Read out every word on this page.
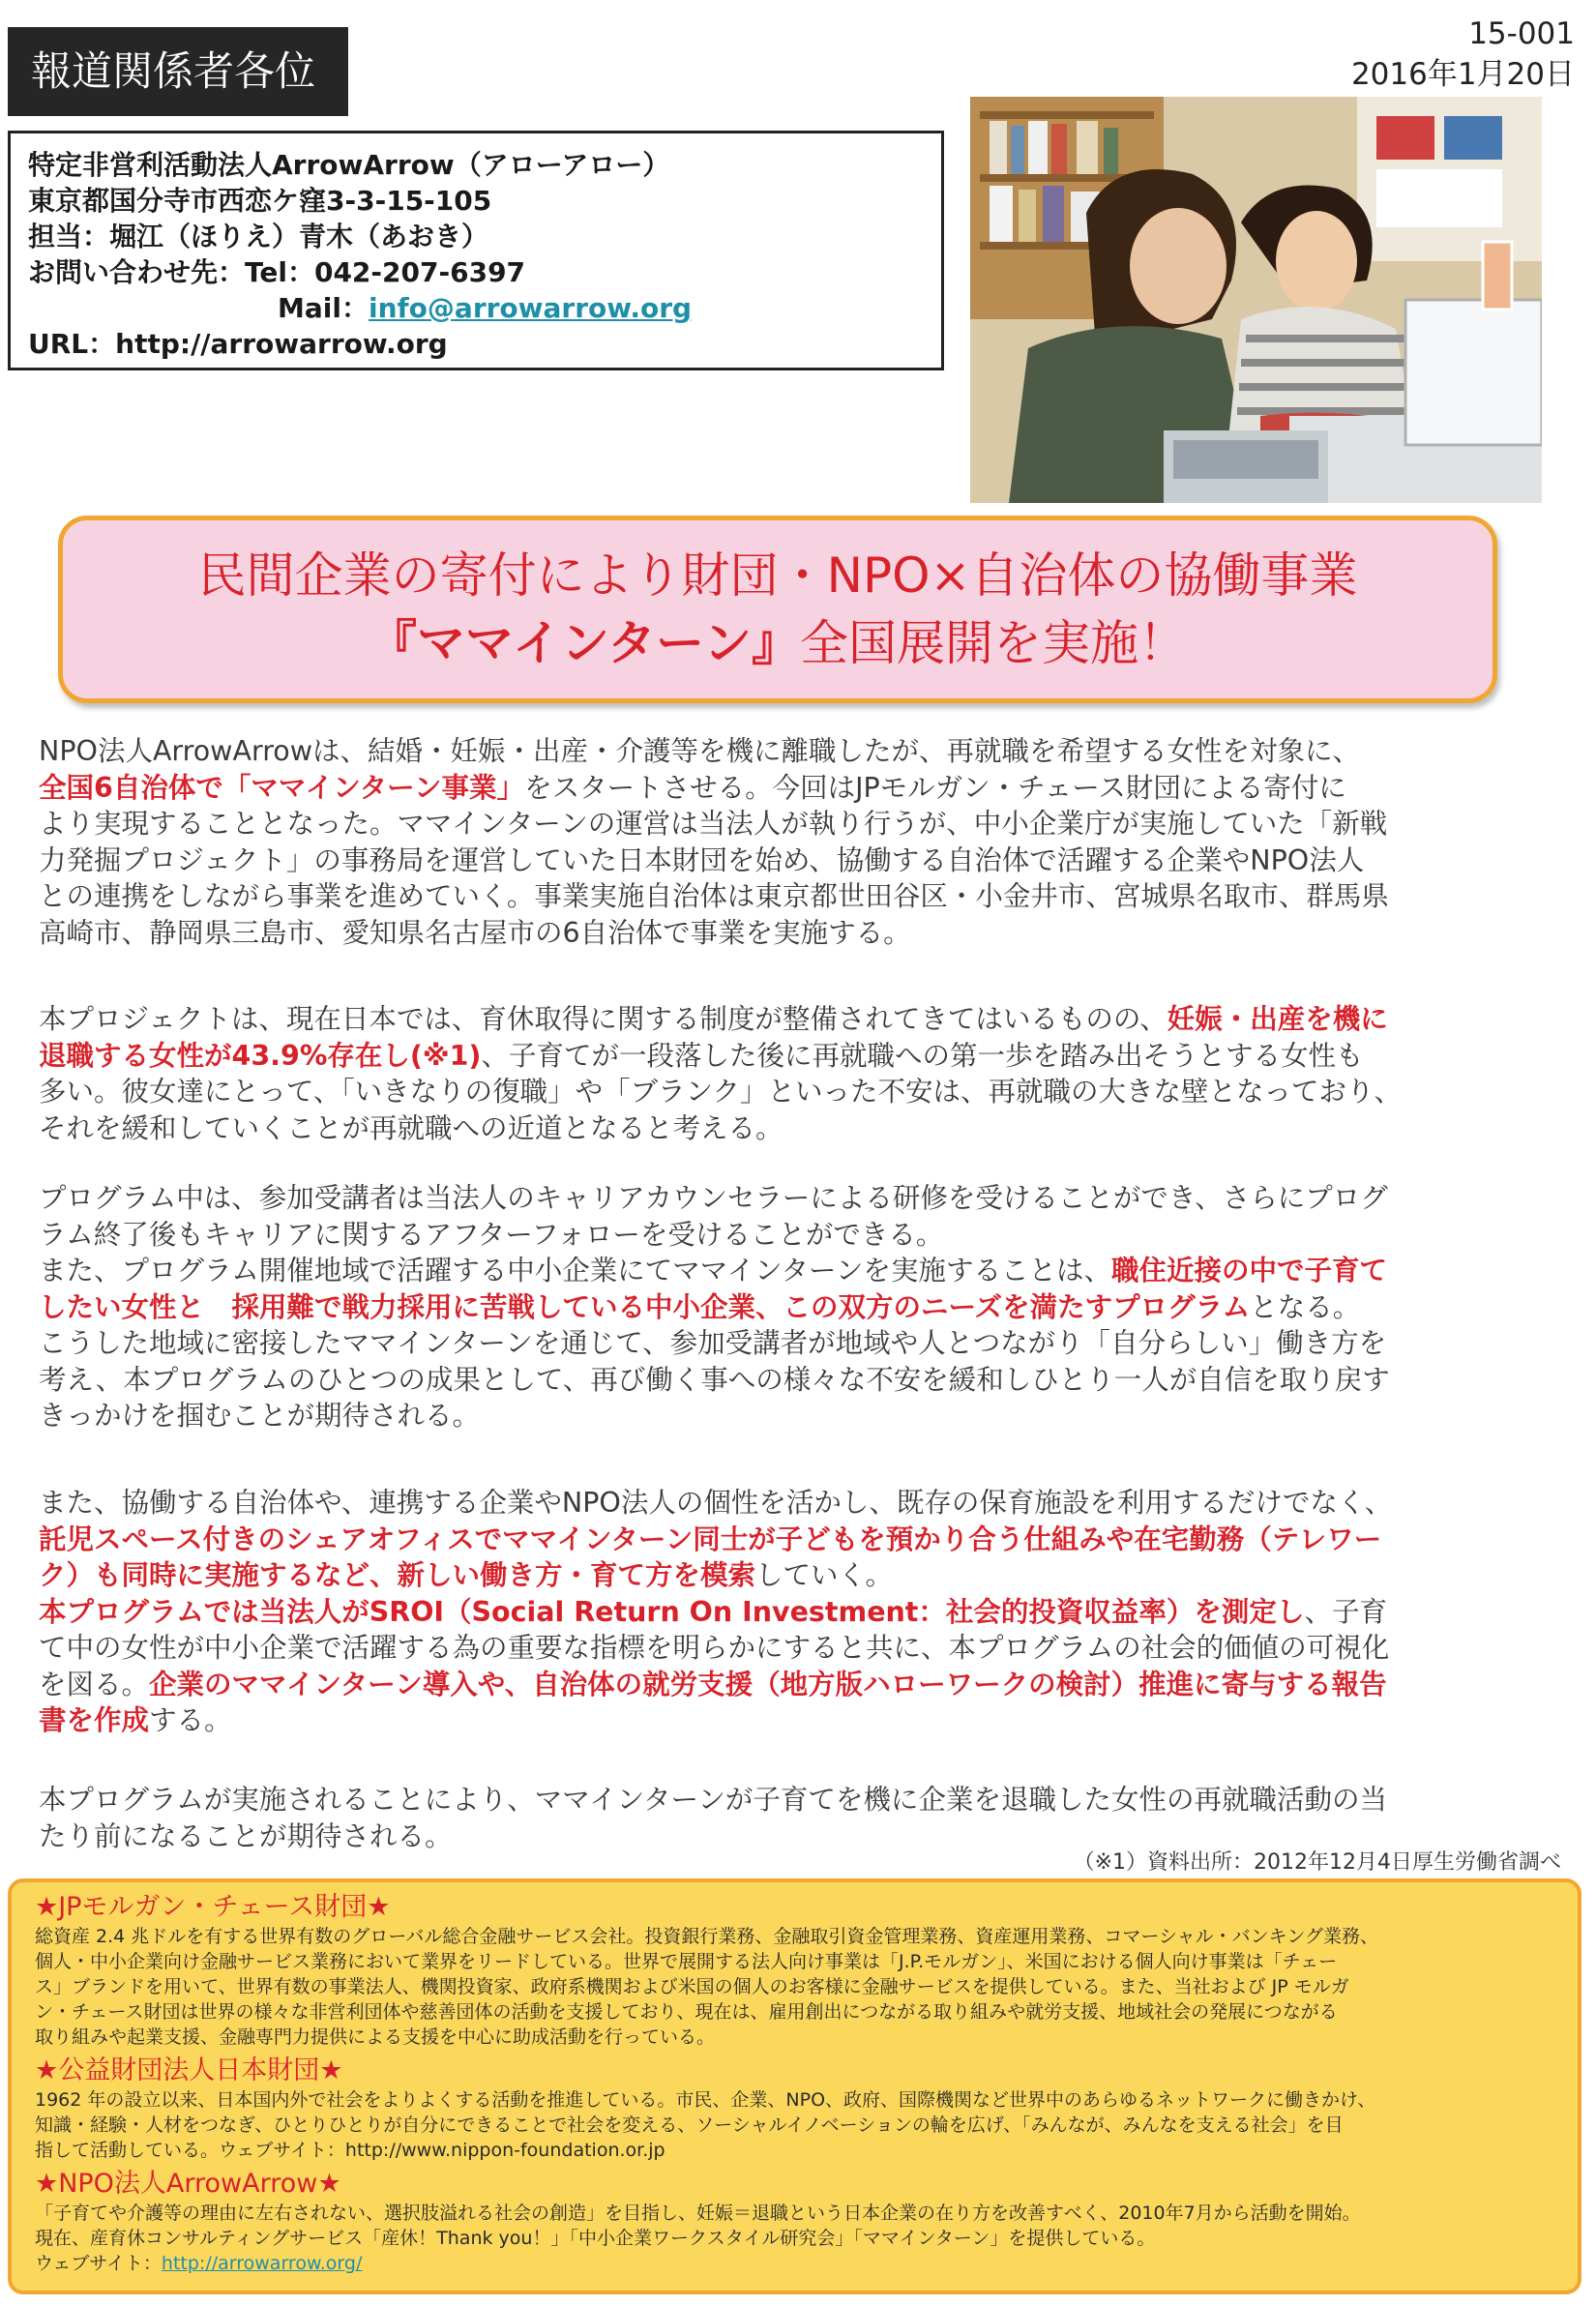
報道関係者各位
15-001
2016年1月20日
特定非営利活動法人ArrowArrow（アローアロー）
東京都国分寺市西恋ケ窪3-3-15-105
担当：堀江（ほりえ）青木（あおき）
お問い合わせ先：Tel：042-207-6397
Mail：info@arrowarrow.org
URL：http://arrowarrow.org
民間企業の寄付により財団・NPO×自治体の協働事業
『ママインターン』全国展開を実施！
NPO法人ArrowArrowは、結婚・妊娠・出産・介護等を機に離職したが、再就職を希望する女性を対象に、
全国6自治体で「ママインターン事業」をスタートさせる。今回はJPモルガン・チェース財団による寄付に
より実現することとなった。ママインターンの運営は当法人が執り行うが、中小企業庁が実施していた「新戦
力発掘プロジェクト」の事務局を運営していた日本財団を始め、協働する自治体で活躍する企業やNPO法人
との連携をしながら事業を進めていく。事業実施自治体は東京都世田谷区・小金井市、宮城県名取市、群馬県
高崎市、静岡県三島市、愛知県名古屋市の6自治体で事業を実施する。
本プロジェクトは、現在日本では、育休取得に関する制度が整備されてきてはいるものの、妊娠・出産を機に
退職する女性が43.9%存在し(※1)、子育てが一段落した後に再就職への第一歩を踏み出そうとする女性も
多い。彼女達にとって、「いきなりの復職」や「ブランク」といった不安は、再就職の大きな壁となっており、
それを緩和していくことが再就職への近道となると考える。
プログラム中は、参加受講者は当法人のキャリアカウンセラーによる研修を受けることができ、さらにプログ
ラム終了後もキャリアに関するアフターフォローを受けることができる。
また、プログラム開催地域で活躍する中小企業にてママインターンを実施することは、職住近接の中で子育て
したい女性と　採用難で戦力採用に苦戦している中小企業、この双方のニーズを満たすプログラムとなる。
こうした地域に密接したママインターンを通じて、参加受講者が地域や人とつながり「自分らしい」働き方を
考え、本プログラムのひとつの成果として、再び働く事への様々な不安を緩和しひとり一人が自信を取り戻す
きっかけを掴むことが期待される。
また、協働する自治体や、連携する企業やNPO法人の個性を活かし、既存の保育施設を利用するだけでなく、
託児スペース付きのシェアオフィスでママインターン同士が子どもを預かり合う仕組みや在宅勤務（テレワー
ク）も同時に実施するなど、新しい働き方・育て方を模索していく。
本プログラムでは当法人がSROI（Social Return On Investment：社会的投資収益率）を測定し、子育
て中の女性が中小企業で活躍する為の重要な指標を明らかにすると共に、本プログラムの社会的価値の可視化
を図る。企業のママインターン導入や、自治体の就労支援（地方版ハローワークの検討）推進に寄与する報告
書を作成する。
本プログラムが実施されることにより、ママインターンが子育てを機に企業を退職した女性の再就職活動の当
たり前になることが期待される。
（※1）資料出所：2012年12月4日厚生労働省調べ
★JPモルガン・チェース財団★
総資産 2.4 兆ドルを有する世界有数のグローバル総合金融サービス会社。投資銀行業務、金融取引資金管理業務、資産運用業務、コマーシャル・バンキング業務、
個人・中小企業向け金融サービス業務において業界をリードしている。世界で展開する法人向け事業は「J.P.モルガン」、米国における個人向け事業は「チェー
ス」ブランドを用いて、世界有数の事業法人、機関投資家、政府系機関および米国の個人のお客様に金融サービスを提供している。また、当社および JP モルガ
ン・チェース財団は世界の様々な非営利団体や慈善団体の活動を支援しており、現在は、雇用創出につながる取り組みや就労支援、地域社会の発展につながる
取り組みや起業支援、金融専門力提供による支援を中心に助成活動を行っている。
★公益財団法人日本財団★
1962 年の設立以来、日本国内外で社会をよりよくする活動を推進している。市民、企業、NPO、政府、国際機関など世界中のあらゆるネットワークに働きかけ、
知識・経験・人材をつなぎ、ひとりひとりが自分にできることで社会を変える、ソーシャルイノベーションの輪を広げ、「みんなが、みんなを支える社会」を目
指して活動している。ウェブサイト：http://www.nippon-foundation.or.jp
★NPO法人ArrowArrow★
「子育てや介護等の理由に左右されない、選択肢溢れる社会の創造」を目指し、妊娠＝退職という日本企業の在り方を改善すべく、2010年7月から活動を開始。
現在、産育休コンサルティングサービス「産休！Thank you！」「中小企業ワークスタイル研究会」「ママインターン」を提供している。
ウェブサイト：http://arrowarrow.org/
